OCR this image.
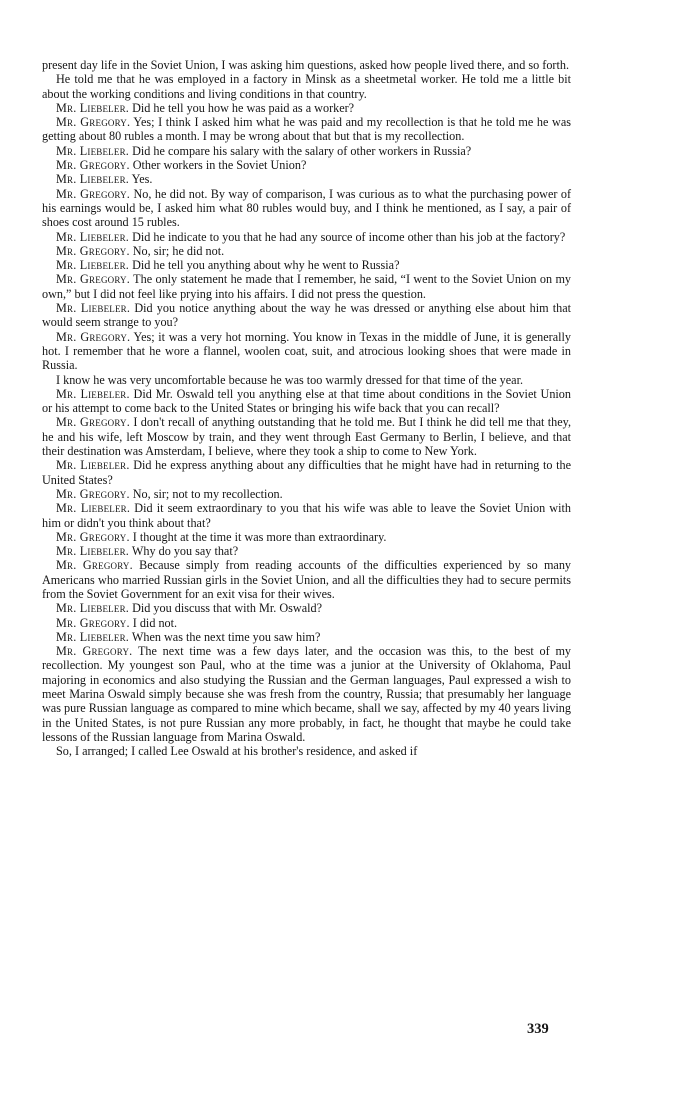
present day life in the Soviet Union, I was asking him questions, asked how people lived there, and so forth.

He told me that he was employed in a factory in Minsk as a sheetmetal worker. He told me a little bit about the working conditions and living conditions in that country.

Mr. Liebeler. Did he tell you how he was paid as a worker?

Mr. Gregory. Yes; I think I asked him what he was paid and my recollection is that he told me he was getting about 80 rubles a month. I may be wrong about that but that is my recollection.

Mr. Liebeler. Did he compare his salary with the salary of other workers in Russia?

Mr. Gregory. Other workers in the Soviet Union?

Mr. Liebeler. Yes.

Mr. Gregory. No, he did not. By way of comparison, I was curious as to what the purchasing power of his earnings would be, I asked him what 80 rubles would buy, and I think he mentioned, as I say, a pair of shoes cost around 15 rubles.

Mr. Liebeler. Did he indicate to you that he had any source of income other than his job at the factory?

Mr. Gregory. No, sir; he did not.

Mr. Liebeler. Did he tell you anything about why he went to Russia?

Mr. Gregory. The only statement he made that I remember, he said, “I went to the Soviet Union on my own,” but I did not feel like prying into his affairs. I did not press the question.

Mr. Liebeler. Did you notice anything about the way he was dressed or anything else about him that would seem strange to you?

Mr. Gregory. Yes; it was a very hot morning. You know in Texas in the middle of June, it is generally hot. I remember that he wore a flannel, woolen coat, suit, and atrocious looking shoes that were made in Russia.

I know he was very uncomfortable because he was too warmly dressed for that time of the year.

Mr. Liebeler. Did Mr. Oswald tell you anything else at that time about conditions in the Soviet Union or his attempt to come back to the United States or bringing his wife back that you can recall?

Mr. Gregory. I don't recall of anything outstanding that he told me. But I think he did tell me that they, he and his wife, left Moscow by train, and they went through East Germany to Berlin, I believe, and that their destination was Amsterdam, I believe, where they took a ship to come to New York.

Mr. Liebeler. Did he express anything about any difficulties that he might have had in returning to the United States?

Mr. Gregory. No, sir; not to my recollection.

Mr. Liebeler. Did it seem extraordinary to you that his wife was able to leave the Soviet Union with him or didn't you think about that?

Mr. Gregory. I thought at the time it was more than extraordinary.

Mr. Liebeler. Why do you say that?

Mr. Gregory. Because simply from reading accounts of the difficulties experienced by so many Americans who married Russian girls in the Soviet Union, and all the difficulties they had to secure permits from the Soviet Government for an exit visa for their wives.

Mr. Liebeler. Did you discuss that with Mr. Oswald?

Mr. Gregory. I did not.

Mr. Liebeler. When was the next time you saw him?

Mr. Gregory. The next time was a few days later, and the occasion was this, to the best of my recollection. My youngest son Paul, who at the time was a junior at the University of Oklahoma, Paul majoring in economics and also studying the Russian and the German languages, Paul expressed a wish to meet Marina Oswald simply because she was fresh from the country, Russia; that presumably her language was pure Russian language as compared to mine which became, shall we say, affected by my 40 years living in the United States, is not pure Russian any more probably, in fact, he thought that maybe he could take lessons of the Russian language from Marina Oswald.

So, I arranged; I called Lee Oswald at his brother's residence, and asked if

339
